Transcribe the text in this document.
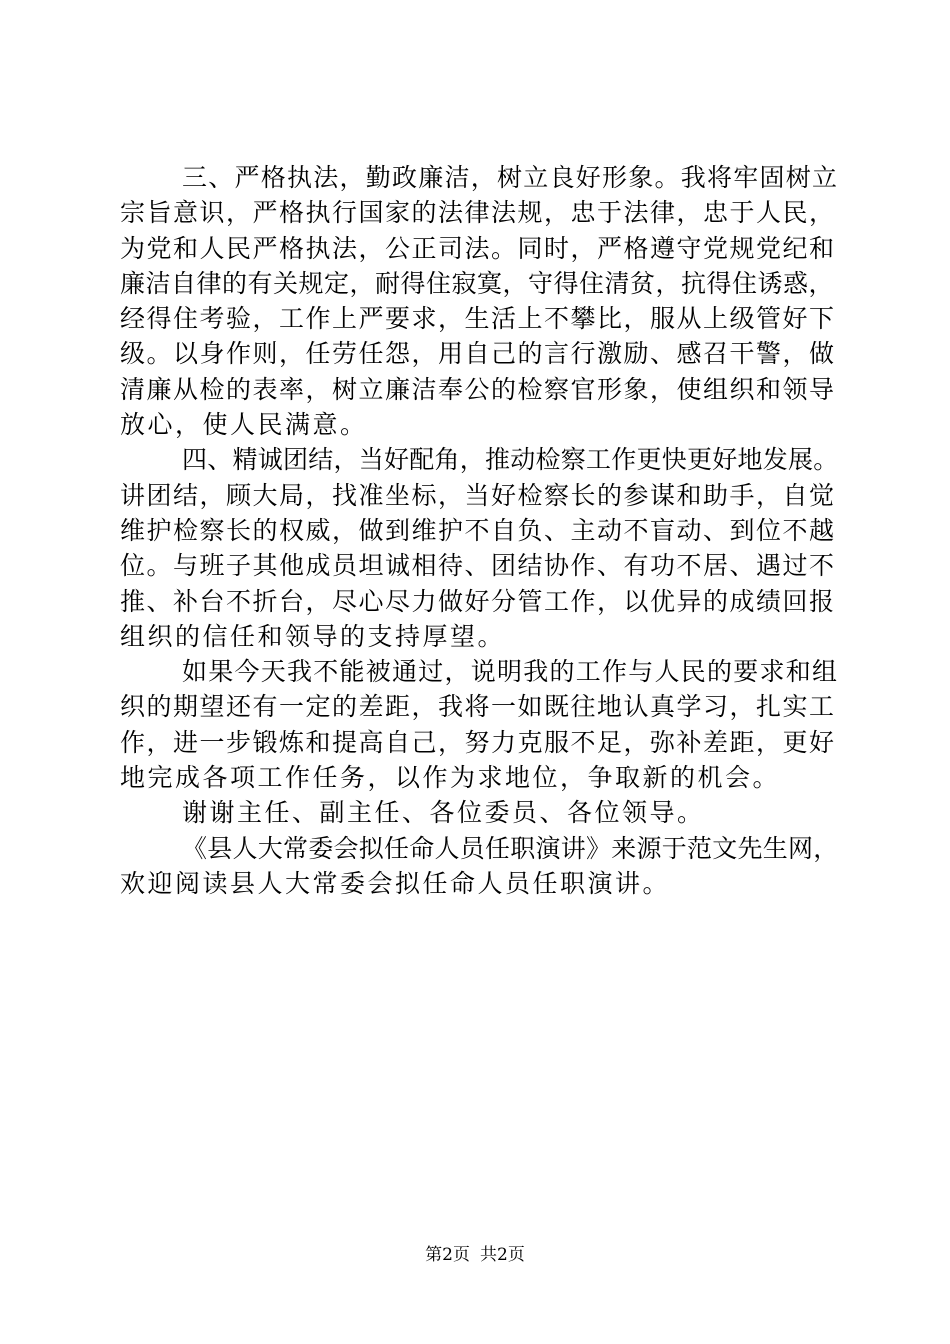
三、严格执法，勤政廉洁，树立良好形象。我将牢固树立
宗旨意识，严格执行国家的法律法规，忠于法律，忠于人民，
为党和人民严格执法，公正司法。同时，严格遵守党规党纪和
廉洁自律的有关规定，耐得住寂寞，守得住清贫，抗得住诱惑，
经得住考验，工作上严要求，生活上不攀比，服从上级管好下
级。以身作则，任劳任怨，用自己的言行激励、感召干警，做
清廉从检的表率，树立廉洁奉公的检察官形象，使组织和领导
放心，使人民满意。
四、精诚团结，当好配角，推动检察工作更快更好地发展。
讲团结，顾大局，找准坐标，当好检察长的参谋和助手，自觉
维护检察长的权威，做到维护不自负、主动不盲动、到位不越
位。与班子其他成员坦诚相待、团结协作、有功不居、遇过不
推、补台不折台，尽心尽力做好分管工作，以优异的成绩回报
组织的信任和领导的支持厚望。
如果今天我不能被通过，说明我的工作与人民的要求和组
织的期望还有一定的差距，我将一如既往地认真学习，扎实工
作，进一步锻炼和提高自己，努力克服不足，弥补差距，更好
地完成各项工作任务，以作为求地位，争取新的机会。
谢谢主任、副主任、各位委员、各位领导。
《县人大常委会拟任命人员任职演讲》来源于范文先生网，
欢迎阅读县人大常委会拟任命人员任职演讲。
第2页 共2页
